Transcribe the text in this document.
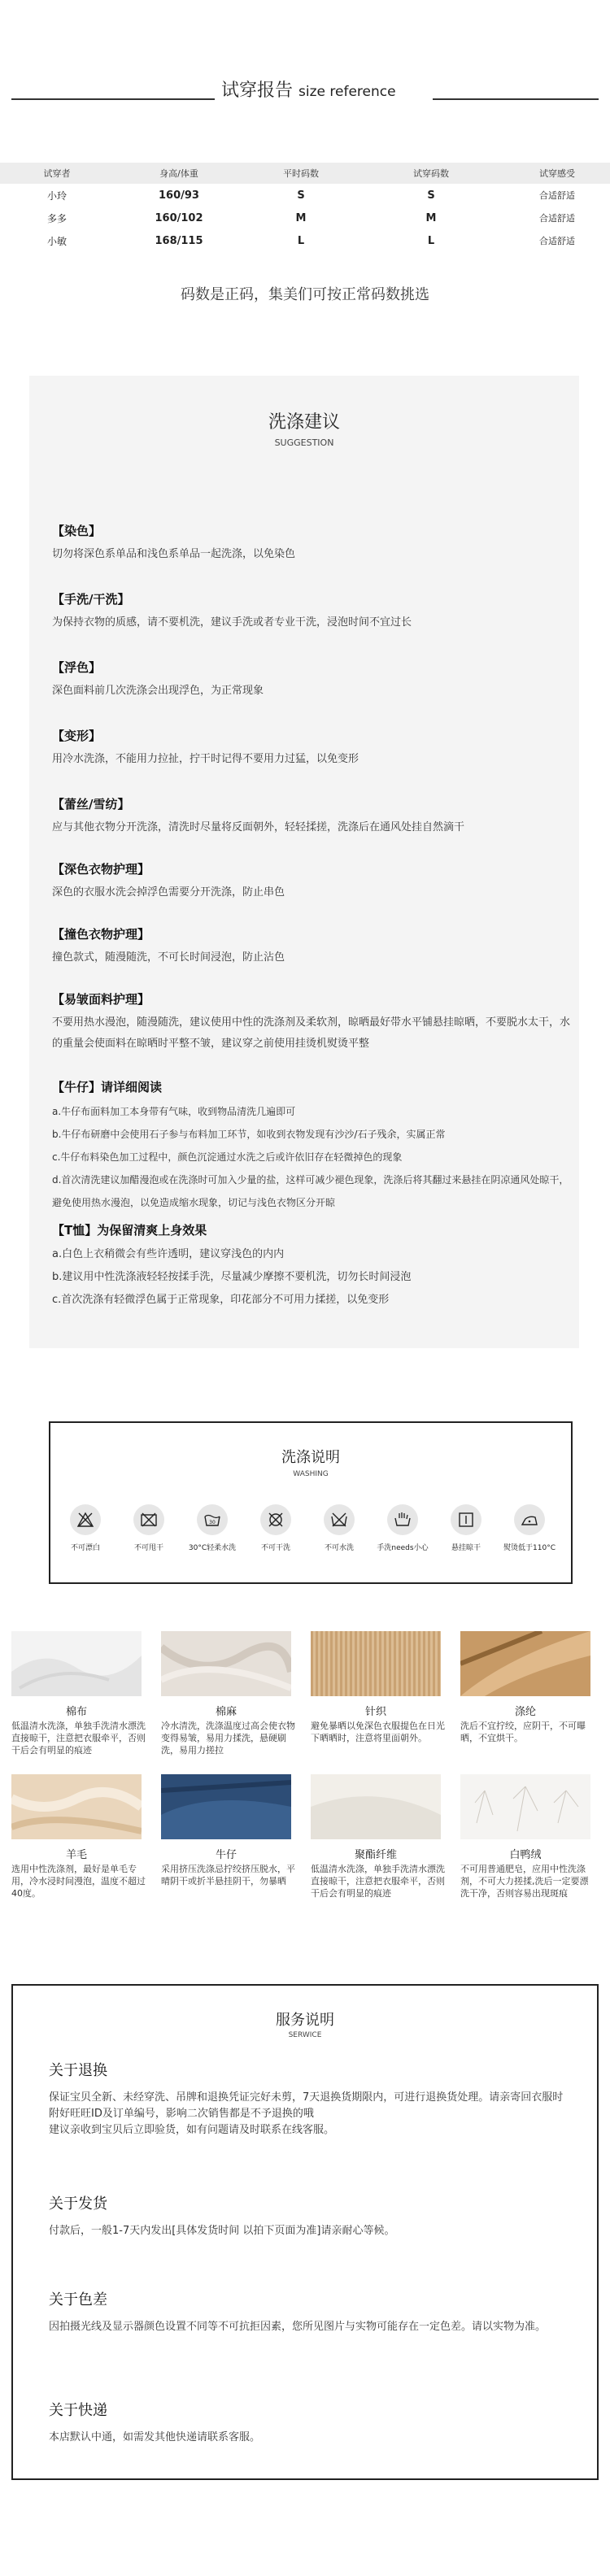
试穿报告 size reference
试穿者	身高/体重	平时码数	试穿码数	试穿感受
小玲	160/93	S	S	合适舒适
多多	160/102	M	M	合适舒适
小敏	168/115	L	L	合适舒适
码数是正码，集美们可按正常码数挑选
洗涤建议
SUGGESTION
【染色】
切勿将深色系单品和浅色系单品一起洗涤，以免染色
【手洗/干洗】
为保持衣物的质感，请不要机洗，建议手洗或者专业干洗，浸泡时间不宜过长
【浮色】
深色面料前几次洗涤会出现浮色，为正常现象
【变形】
用冷水洗涤，不能用力拉扯，拧干时记得不要用力过猛，以免变形
【蕾丝/雪纺】
应与其他衣物分开洗涤，清洗时尽量将反面朝外，轻轻揉搓，洗涤后在通风处挂自然滴干
【深色衣物护理】
深色的衣服水洗会掉浮色需要分开洗涤，防止串色
【撞色衣物护理】
撞色款式，随漫随洗，不可长时间浸泡，防止沾色
【易皱面料护理】
不要用热水漫泡，随漫随洗，建议使用中性的洗涤剂及柔软剂，晾晒最好带水平铺悬挂晾晒，不要脱水太干，水的重量会使面料在晾晒时平整不皱，建议穿之前使用挂烫机熨烫平整
【牛仔】请详细阅读
a.牛仔布面料加工本身带有气味，收到物品清洗几遍即可
b.牛仔布研磨中会使用石子参与布料加工环节，如收到衣物发现有沙沙/石子残余，实属正常
c.牛仔布料染色加工过程中，颜色沉淀通过水洗之后或许依旧存在轻微掉色的现象
d.首次清洗建议加醋漫泡或在洗涤时可加入少量的盐，这样可减少褪色现象，洗涤后将其翻过来悬挂在阴凉通风处晾干，避免使用热水漫泡，以免造成缩水现象，切记与浅色衣物区分开晾
【T恤】为保留清爽上身效果
a.白色上衣稍微会有些许透明，建议穿浅色的内内
b.建议用中性洗涤液轻轻按揉手洗，尽量减少摩擦不要机洗，切勿长时间浸泡
c.首次洗涤有轻微浮色属于正常现象，印花部分不可用力揉搓，以免变形
洗涤说明
WASHING
不可漂白	不可甩干
30
30°C轻柔水洗	不可干洗	不可水洗	手洗needs小心	悬挂晾干	熨烫低于110°C
棉布
低温清水洗涤，单独手洗清水漂洗直接晾干，注意把衣服牵平，否则干后会有明显的痕迹
棉麻
冷水清洗，洗涤温度过高会使衣物变得易皱，易用力揉洗，悬硬刷洗，易用力搓拉
针织
避免暴晒以免深色衣服提色在日光下晒晒时，注意将里面朝外。
涤纶
洗后不宜拧绞，应阴干，不可曝晒，不宜烘干。
羊毛
选用中性洗涤剂，最好是单毛专用，冷水浸时间漫泡，温度不超过40度。
牛仔
采用挤压洗涤忌拧绞挤压脱水，平晴阴干或折半悬挂阴干，勿暴晒
聚酯纤维
低温清水洗涤，单独手洗清水漂洗直接晾干，注意把衣服牵平，否则干后会有明显的痕迹
白鸭绒
不可用普通肥皂，应用中性洗涤剂，不可大力搓揉,洗后一定要漂洗干净，否则容易出现斑痕
服务说明
SERWICE
关于退换
保证宝贝全新、未经穿洗、吊牌和退换凭证完好未剪，7天退换货期限内，可进行退换货处理。请亲寄回衣服时附好旺旺ID及订单编号，影响二次销售都是不予退换的哦
建议亲收到宝贝后立即验货，如有问题请及时联系在线客服。
关于发货
付款后，一般1-7天内发出[具体发货时间 以拍下页面为准]请亲耐心等候。
关于色差
因拍摄光线及显示器颜色设置不同等不可抗拒因素，您所见图片与实物可能存在一定色差。请以实物为准。
关于快递
本店默认中通，如需发其他快递请联系客服。
